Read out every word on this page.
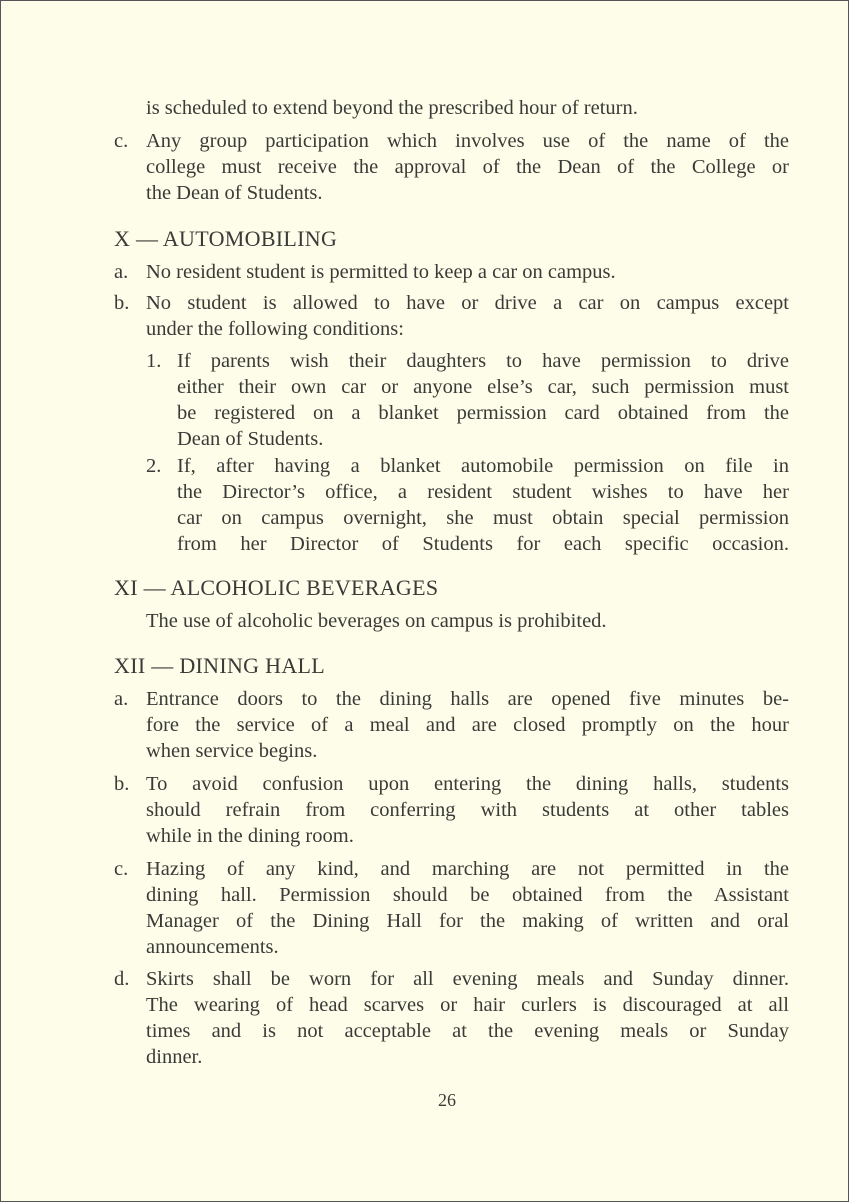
is scheduled to extend beyond the prescribed hour of return.
c. Any group participation which involves use of the name of the
college must receive the approval of the Dean of the College or
the Dean of Students.
X — AUTOMOBILING
a. No resident student is permitted to keep a car on campus.
b. No student is allowed to have or drive a car on campus except
under the following conditions:
1. If parents wish their daughters to have permission to drive
either their own car or anyone else’s car, such permission must
be registered on a blanket permission card obtained from the
Dean of Students.
2. If, after having a blanket automobile permission on file in
the Director’s office, a resident student wishes to have her
car on campus overnight, she must obtain special permission
from her Director of Students for each specific occasion.
XI — ALCOHOLIC BEVERAGES
The use of alcoholic beverages on campus is prohibited.
XII — DINING HALL
a. Entrance doors to the dining halls are opened five minutes be-
fore the service of a meal and are closed promptly on the hour
when service begins.
b. To avoid confusion upon entering the dining halls, students
should refrain from conferring with students at other tables
while in the dining room.
c. Hazing of any kind, and marching are not permitted in the
dining hall. Permission should be obtained from the Assistant
Manager of the Dining Hall for the making of written and oral
announcements.
d. Skirts shall be worn for all evening meals and Sunday dinner.
The wearing of head scarves or hair curlers is discouraged at all
times and is not acceptable at the evening meals or Sunday
dinner.
26
